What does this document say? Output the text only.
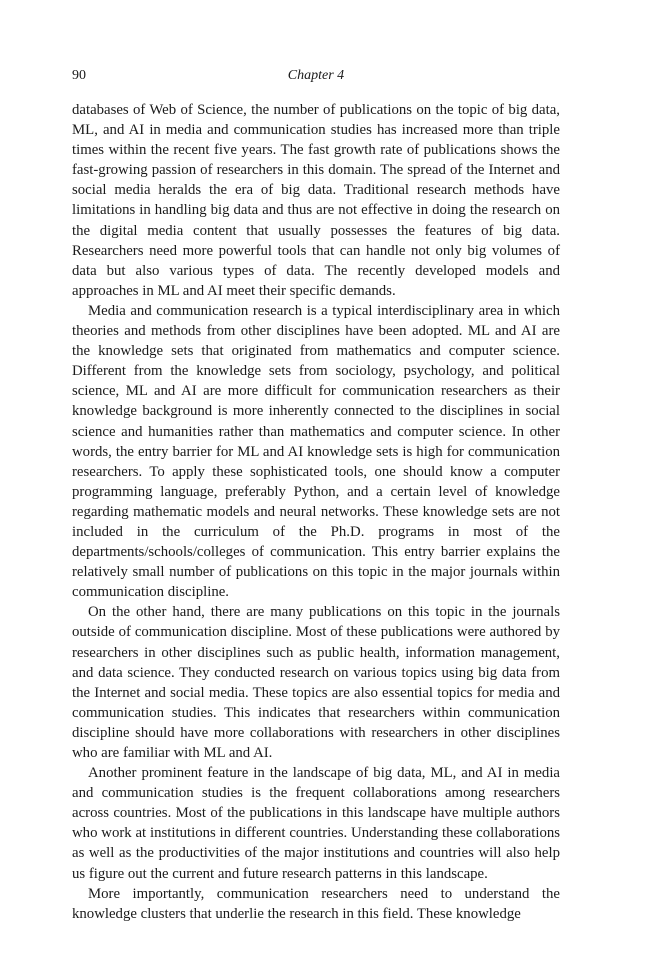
90	Chapter 4

databases of Web of Science, the number of publications on the topic of big data, ML, and AI in media and communication studies has increased more than triple times within the recent five years. The fast growth rate of publications shows the fast-growing passion of researchers in this domain. The spread of the Internet and social media heralds the era of big data. Traditional research methods have limitations in handling big data and thus are not effective in doing the research on the digital media content that usually possesses the features of big data. Researchers need more powerful tools that can handle not only big volumes of data but also various types of data. The recently developed models and approaches in ML and AI meet their specific demands.

Media and communication research is a typical interdisciplinary area in which theories and methods from other disciplines have been adopted. ML and AI are the knowledge sets that originated from mathematics and computer science. Different from the knowledge sets from sociology, psychology, and political science, ML and AI are more difficult for communication researchers as their knowledge background is more inherently connected to the disciplines in social science and humanities rather than mathematics and computer science. In other words, the entry barrier for ML and AI knowledge sets is high for communication researchers. To apply these sophisticated tools, one should know a computer programming language, preferably Python, and a certain level of knowledge regarding mathematic models and neural networks. These knowledge sets are not included in the curriculum of the Ph.D. programs in most of the departments/schools/colleges of communication. This entry barrier explains the relatively small number of publications on this topic in the major journals within communication discipline.

On the other hand, there are many publications on this topic in the journals outside of communication discipline. Most of these publications were authored by researchers in other disciplines such as public health, information management, and data science. They conducted research on various topics using big data from the Internet and social media. These topics are also essential topics for media and communication studies. This indicates that researchers within communication discipline should have more collaborations with researchers in other disciplines who are familiar with ML and AI.

Another prominent feature in the landscape of big data, ML, and AI in media and communication studies is the frequent collaborations among researchers across countries. Most of the publications in this landscape have multiple authors who work at institutions in different countries. Understanding these collaborations as well as the productivities of the major institutions and countries will also help us figure out the current and future research patterns in this landscape.

More importantly, communication researchers need to understand the knowledge clusters that underlie the research in this field. These knowledge
